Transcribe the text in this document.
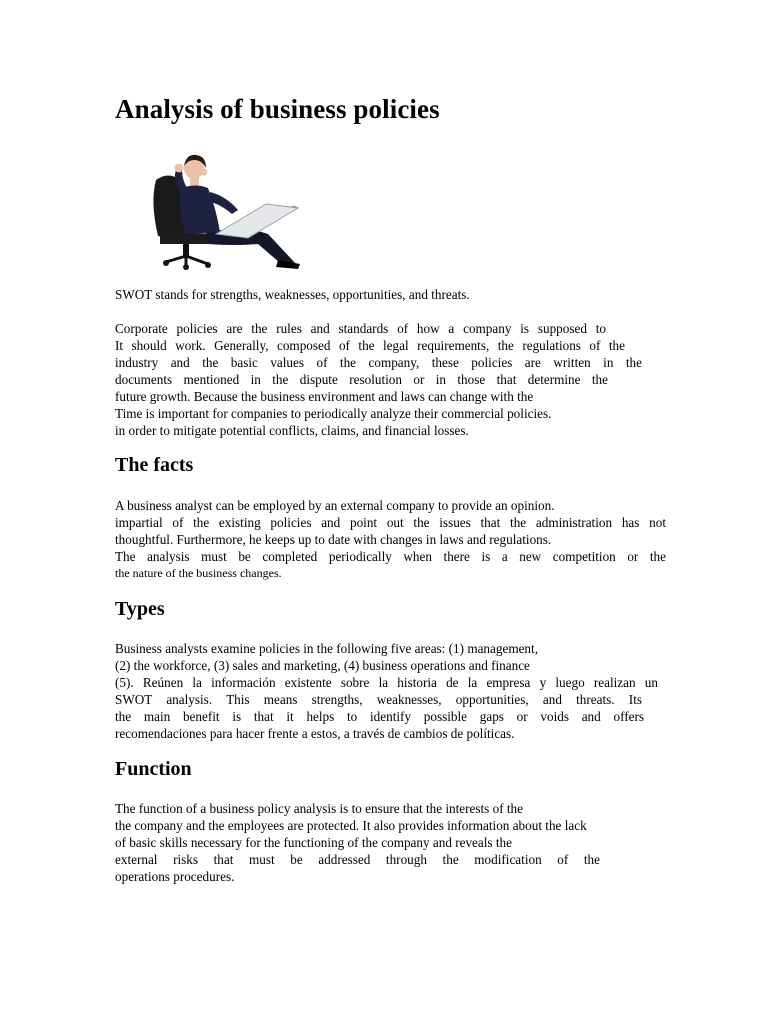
Analysis of business policies

SWOT stands for strengths, weaknesses, opportunities, and threats.

Corporate policies are the rules and standards of how a company is supposed to

It should work. Generally, composed of the legal requirements, the regulations of the

industry and the basic values of the company, these policies are written in the

documents mentioned in the dispute resolution or in those that determine the

future growth. Because the business environment and laws can change with the

Time is important for companies to periodically analyze their commercial policies.

in order to mitigate potential conflicts, claims, and financial losses.

The facts

A business analyst can be employed by an external company to provide an opinion.

impartial of the existing policies and point out the issues that the administration has not

thoughtful. Furthermore, he keeps up to date with changes in laws and regulations.

The analysis must be completed periodically when there is a new competition or the

the nature of the business changes.

Types

Business analysts examine policies in the following five areas: (1) management,

(2) the workforce, (3) sales and marketing, (4) business operations and finance

(5). Reúnen la información existente sobre la historia de la empresa y luego realizan un

SWOT analysis. This means strengths, weaknesses, opportunities, and threats. Its

the main benefit is that it helps to identify possible gaps or voids and offers

recomendaciones para hacer frente a estos, a través de cambios de políticas.

Function

The function of a business policy analysis is to ensure that the interests of the

the company and the employees are protected. It also provides information about the lack

of basic skills necessary for the functioning of the company and reveals the

external risks that must be addressed through the modification of the

operations procedures.
